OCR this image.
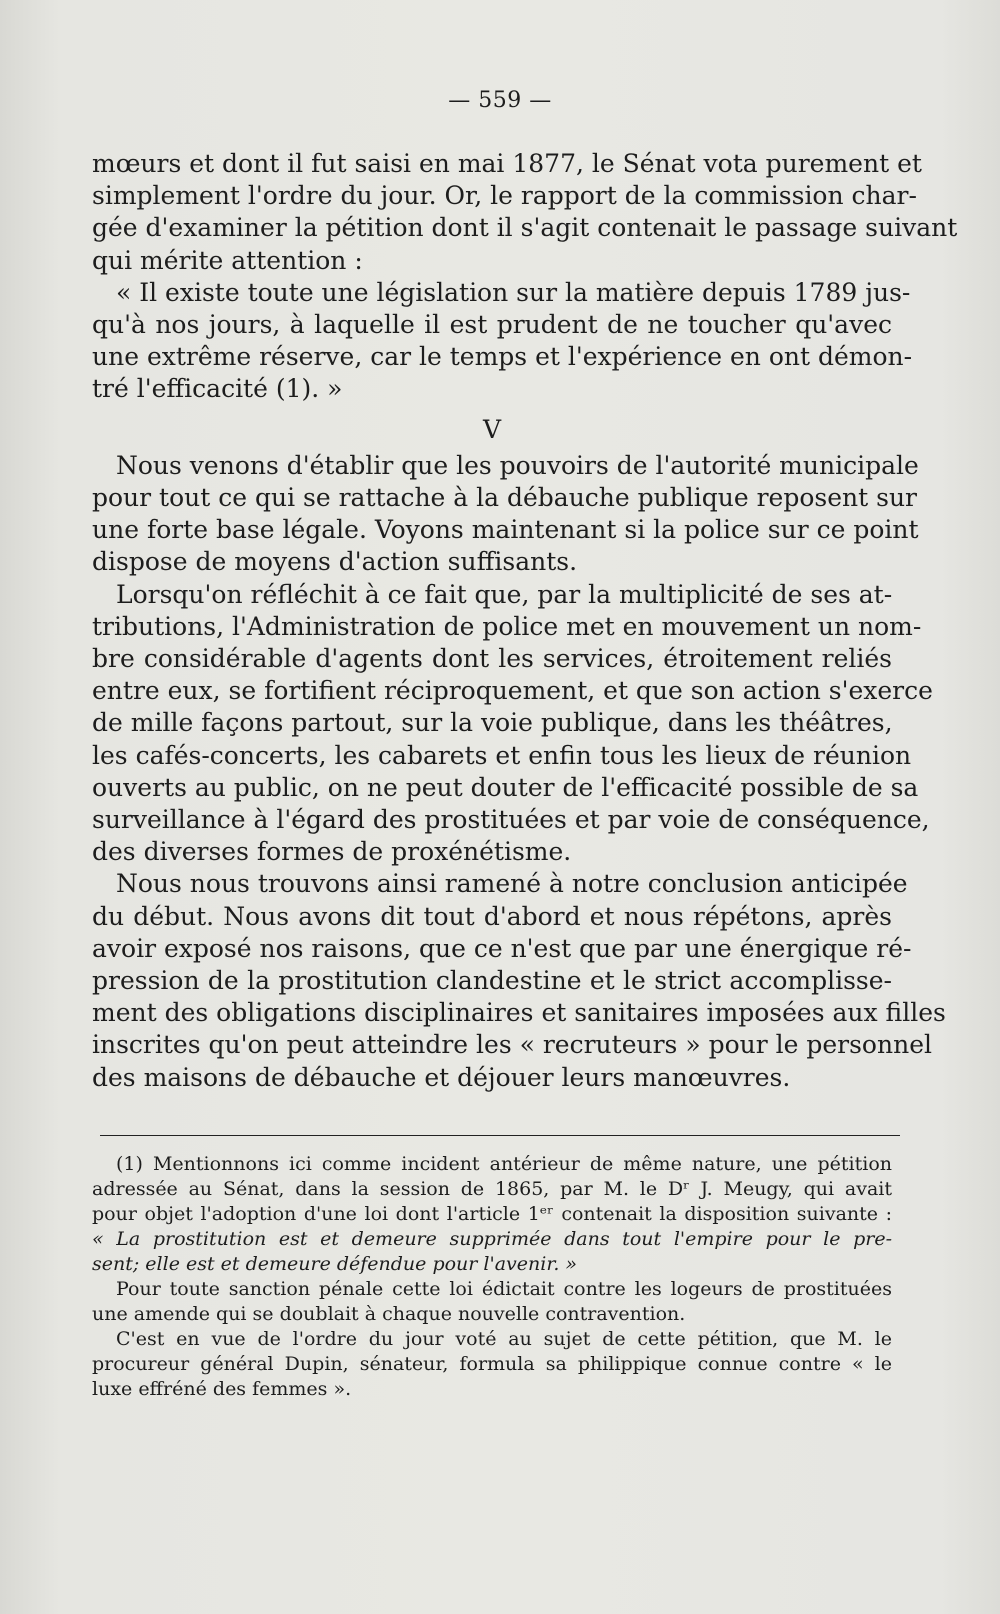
— 559 —
mœurs et dont il fut saisi en mai 1877, le Sénat vota purement et
simplement l'ordre du jour. Or, le rapport de la commission char-
gée d'examiner la pétition dont il s'agit contenait le passage suivant
qui mérite attention :
« Il existe toute une législation sur la matière depuis 1789 jus-
qu'à nos jours, à laquelle il est prudent de ne toucher qu'avec
une extrême réserve, car le temps et l'expérience en ont démon-
tré l'efficacité (1). »
V
Nous venons d'établir que les pouvoirs de l'autorité municipale
pour tout ce qui se rattache à la débauche publique reposent sur
une forte base légale. Voyons maintenant si la police sur ce point
dispose de moyens d'action suffisants.
Lorsqu'on réfléchit à ce fait que, par la multiplicité de ses at-
tributions, l'Administration de police met en mouvement un nom-
bre considérable d'agents dont les services, étroitement reliés
entre eux, se fortifient réciproquement, et que son action s'exerce
de mille façons partout, sur la voie publique, dans les théâtres,
les cafés-concerts, les cabarets et enfin tous les lieux de réunion
ouverts au public, on ne peut douter de l'efficacité possible de sa
surveillance à l'égard des prostituées et par voie de conséquence,
des diverses formes de proxénétisme.
Nous nous trouvons ainsi ramené à notre conclusion anticipée
du début. Nous avons dit tout d'abord et nous répétons, après
avoir exposé nos raisons, que ce n'est que par une énergique ré-
pression de la prostitution clandestine et le strict accomplisse-
ment des obligations disciplinaires et sanitaires imposées aux filles
inscrites qu'on peut atteindre les « recruteurs » pour le personnel
des maisons de débauche et déjouer leurs manœuvres.
(1) Mentionnons ici comme incident antérieur de même nature, une pétition
adressée au Sénat, dans la session de 1865, par M. le Dʳ J. Meugy, qui avait
pour objet l'adoption d'une loi dont l'article 1ᵉʳ contenait la disposition suivante :
« La prostitution est et demeure supprimée dans tout l'empire pour le pre-
sent; elle est et demeure défendue pour l'avenir. »
Pour toute sanction pénale cette loi édictait contre les logeurs de prostituées
une amende qui se doublait à chaque nouvelle contravention.
C'est en vue de l'ordre du jour voté au sujet de cette pétition, que M. le
procureur général Dupin, sénateur, formula sa philippique connue contre « le
luxe effréné des femmes ».
